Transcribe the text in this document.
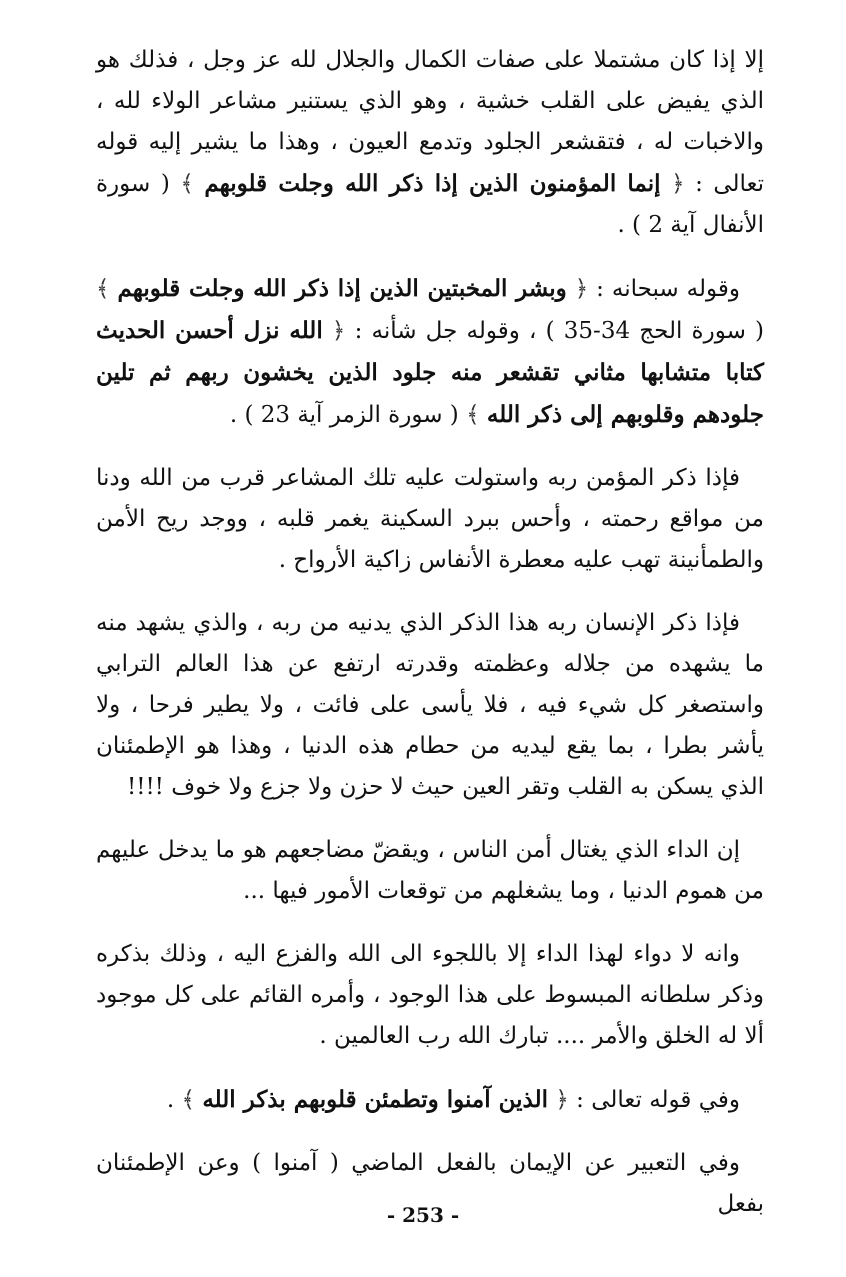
إلا إذا كان مشتملا على صفات الكمال والجلال لله عز وجل ، فذلك هو الذي يفيض على القلب خشية ، وهو الذي يستنير مشاعر الولاء لله ، والاخبات له ، فتقشعر الجلود وتدمع العيون ، وهذا ما يشير إليه قوله تعالى : ﴿ إنما المؤمنون الذين إذا ذكر الله وجلت قلوبهم ﴾ ( سورة الأنفال آية 2 ) .

وقوله سبحانه : ﴿ وبشر المخبتين الذين إذا ذكر الله وجلت قلوبهم ﴾ ( سورة الحج 34-35 ) ، وقوله جل شأنه : ﴿ الله نزل أحسن الحديث كتابا متشابها مثاني تقشعر منه جلود الذين يخشون ربهم ثم تلين جلودهم وقلوبهم إلى ذكر الله ﴾ ( سورة الزمر آية 23 ) .

فإذا ذكر المؤمن ربه واستولت عليه تلك المشاعر قرب من الله ودنا من مواقع رحمته ، وأحس ببرد السكينة يغمر قلبه ، ووجد ريح الأمن والطمأنينة تهب عليه معطرة الأنفاس زاكية الأرواح .

فإذا ذكر الإنسان ربه هذا الذكر الذي يدنيه من ربه ، والذي يشهد منه ما يشهده من جلاله وعظمته وقدرته ارتفع عن هذا العالم الترابي واستصغر كل شيء فيه ، فلا يأسى على فائت ، ولا يطير فرحا ، ولا يأشر بطرا ، بما يقع ليديه من حطام هذه الدنيا ، وهذا هو الإطمئنان الذي يسكن به القلب وتقر العين حيث لا حزن ولا جزع ولا خوف !!!!

إن الداء الذي يغتال أمن الناس ، ويقضّ مضاجعهم هو ما يدخل عليهم من هموم الدنيا ، وما يشغلهم من توقعات الأمور فيها ...

وانه لا دواء لهذا الداء إلا باللجوء الى الله والفزع اليه ، وذلك بذكره وذكر سلطانه المبسوط على هذا الوجود ، وأمره القائم على كل موجود ألا له الخلق والأمر .... تبارك الله رب العالمين .

وفي قوله تعالى : ﴿ الذين آمنوا وتطمئن قلوبهم بذكر الله ﴾ .

وفي التعبير عن الإيمان بالفعل الماضي ( آمنوا ) وعن الإطمئنان بفعل

- 253 -
